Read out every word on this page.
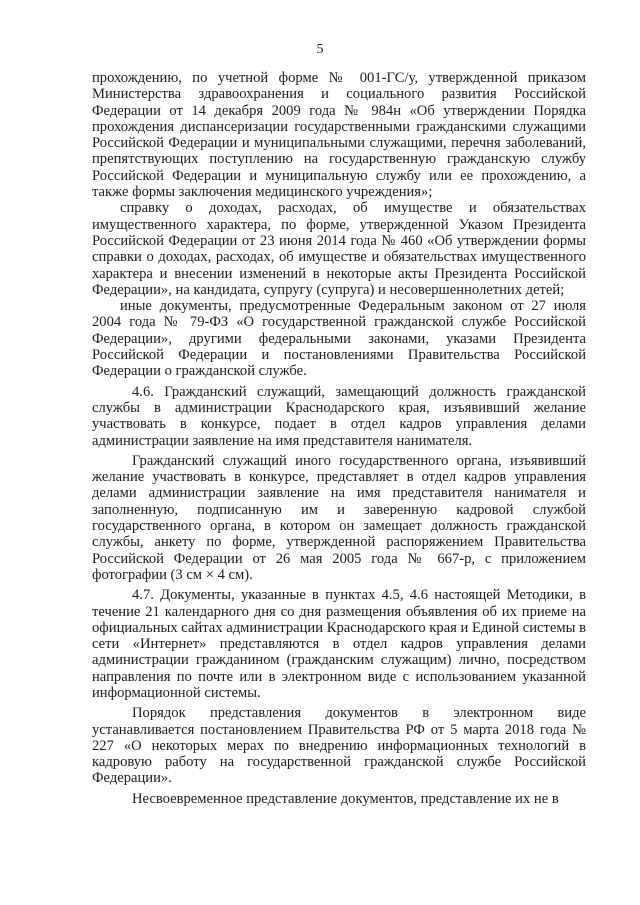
5

прохождению, по учетной форме № 001-ГС/у, утвержденной приказом Министерства здравоохранения и социального развития Российской Федерации от 14 декабря 2009 года № 984н «Об утверждении Порядка прохождения диспансеризации государственными гражданскими служащими Российской Федерации и муниципальными служащими, перечня заболеваний, препятствующих поступлению на государственную гражданскую службу Российской Федерации и муниципальную службу или ее прохождению, а также формы заключения медицинского учреждения»;

справку о доходах, расходах, об имуществе и обязательствах имущественного характера, по форме, утвержденной Указом Президента Российской Федерации от 23 июня 2014 года № 460 «Об утверждении формы справки о доходах, расходах, об имуществе и обязательствах имущественного характера и внесении изменений в некоторые акты Президента Российской Федерации», на кандидата, супругу (супруга) и несовершеннолетних детей;

иные документы, предусмотренные Федеральным законом от 27 июля 2004 года № 79-ФЗ «О государственной гражданской службе Российской Федерации», другими федеральными законами, указами Президента Российской Федерации и постановлениями Правительства Российской Федерации о гражданской службе.

4.6. Гражданский служащий, замещающий должность гражданской службы в администрации Краснодарского края, изъявивший желание участвовать в конкурсе, подает в отдел кадров управления делами администрации заявление на имя представителя нанимателя.

Гражданский служащий иного государственного органа, изъявивший желание участвовать в конкурсе, представляет в отдел кадров управления делами администрации заявление на имя представителя нанимателя и заполненную, подписанную им и заверенную кадровой службой государственного органа, в котором он замещает должность гражданской службы, анкету по форме, утвержденной распоряжением Правительства Российской Федерации от 26 мая 2005 года № 667-р, с приложением фотографии (3 см × 4 см).

4.7. Документы, указанные в пунктах 4.5, 4.6 настоящей Методики, в течение 21 календарного дня со дня размещения объявления об их приеме на официальных сайтах администрации Краснодарского края и Единой системы в сети «Интернет» представляются в отдел кадров управления делами администрации гражданином (гражданским служащим) лично, посредством направления по почте или в электронном виде с использованием указанной информационной системы.

Порядок представления документов в электронном виде устанавливается постановлением Правительства РФ от 5 марта 2018 года № 227 «О некоторых мерах по внедрению информационных технологий в кадровую работу на государственной гражданской службе Российской Федерации».

Несвоевременное представление документов, представление их не в
